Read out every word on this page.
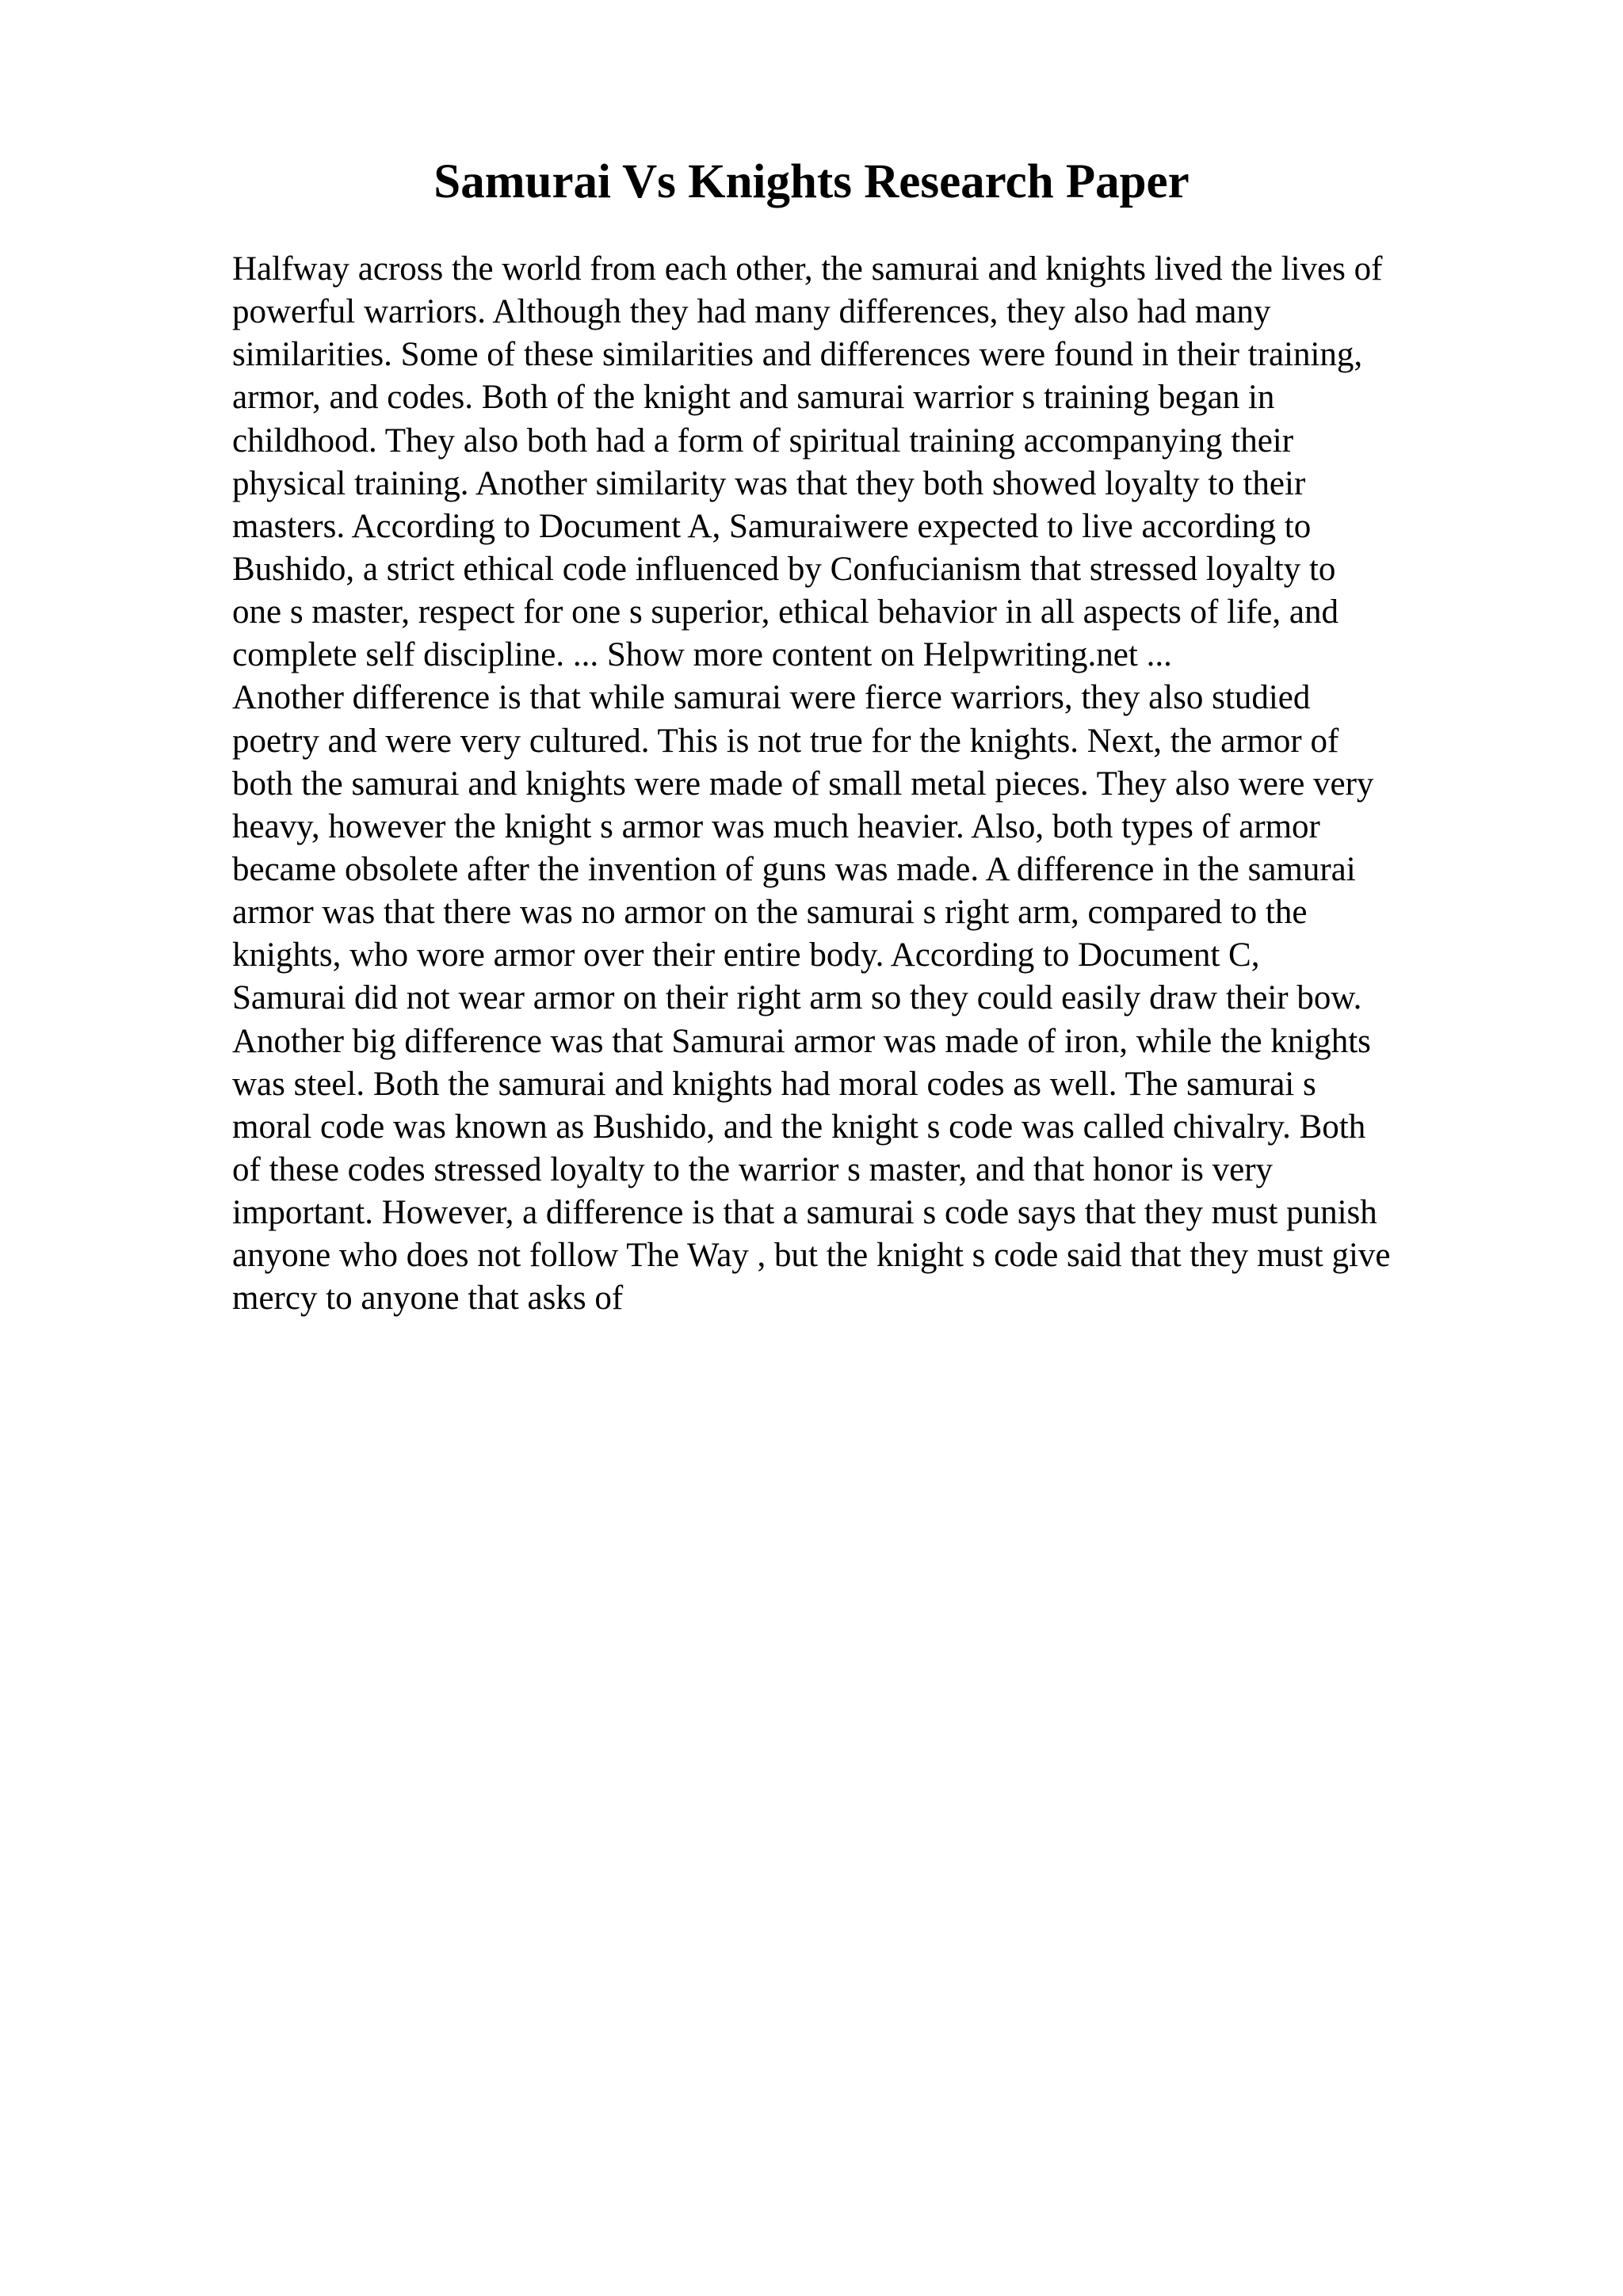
Samurai Vs Knights Research Paper
Halfway across the world from each other, the samurai and knights lived the lives of
powerful warriors. Although they had many differences, they also had many
similarities. Some of these similarities and differences were found in their training,
armor, and codes. Both of the knight and samurai warrior s training began in
childhood. They also both had a form of spiritual training accompanying their
physical training. Another similarity was that they both showed loyalty to their
masters. According to Document A, Samuraiwere expected to live according to
Bushido, a strict ethical code influenced by Confucianism that stressed loyalty to
one s master, respect for one s superior, ethical behavior in all aspects of life, and
complete self discipline. ... Show more content on Helpwriting.net ...
Another difference is that while samurai were fierce warriors, they also studied
poetry and were very cultured. This is not true for the knights. Next, the armor of
both the samurai and knights were made of small metal pieces. They also were very
heavy, however the knight s armor was much heavier. Also, both types of armor
became obsolete after the invention of guns was made. A difference in the samurai
armor was that there was no armor on the samurai s right arm, compared to the
knights, who wore armor over their entire body. According to Document C,
Samurai did not wear armor on their right arm so they could easily draw their bow.
Another big difference was that Samurai armor was made of iron, while the knights
was steel. Both the samurai and knights had moral codes as well. The samurai s
moral code was known as Bushido, and the knight s code was called chivalry. Both
of these codes stressed loyalty to the warrior s master, and that honor is very
important. However, a difference is that a samurai s code says that they must punish
anyone who does not follow The Way , but the knight s code said that they must give
mercy to anyone that asks of
